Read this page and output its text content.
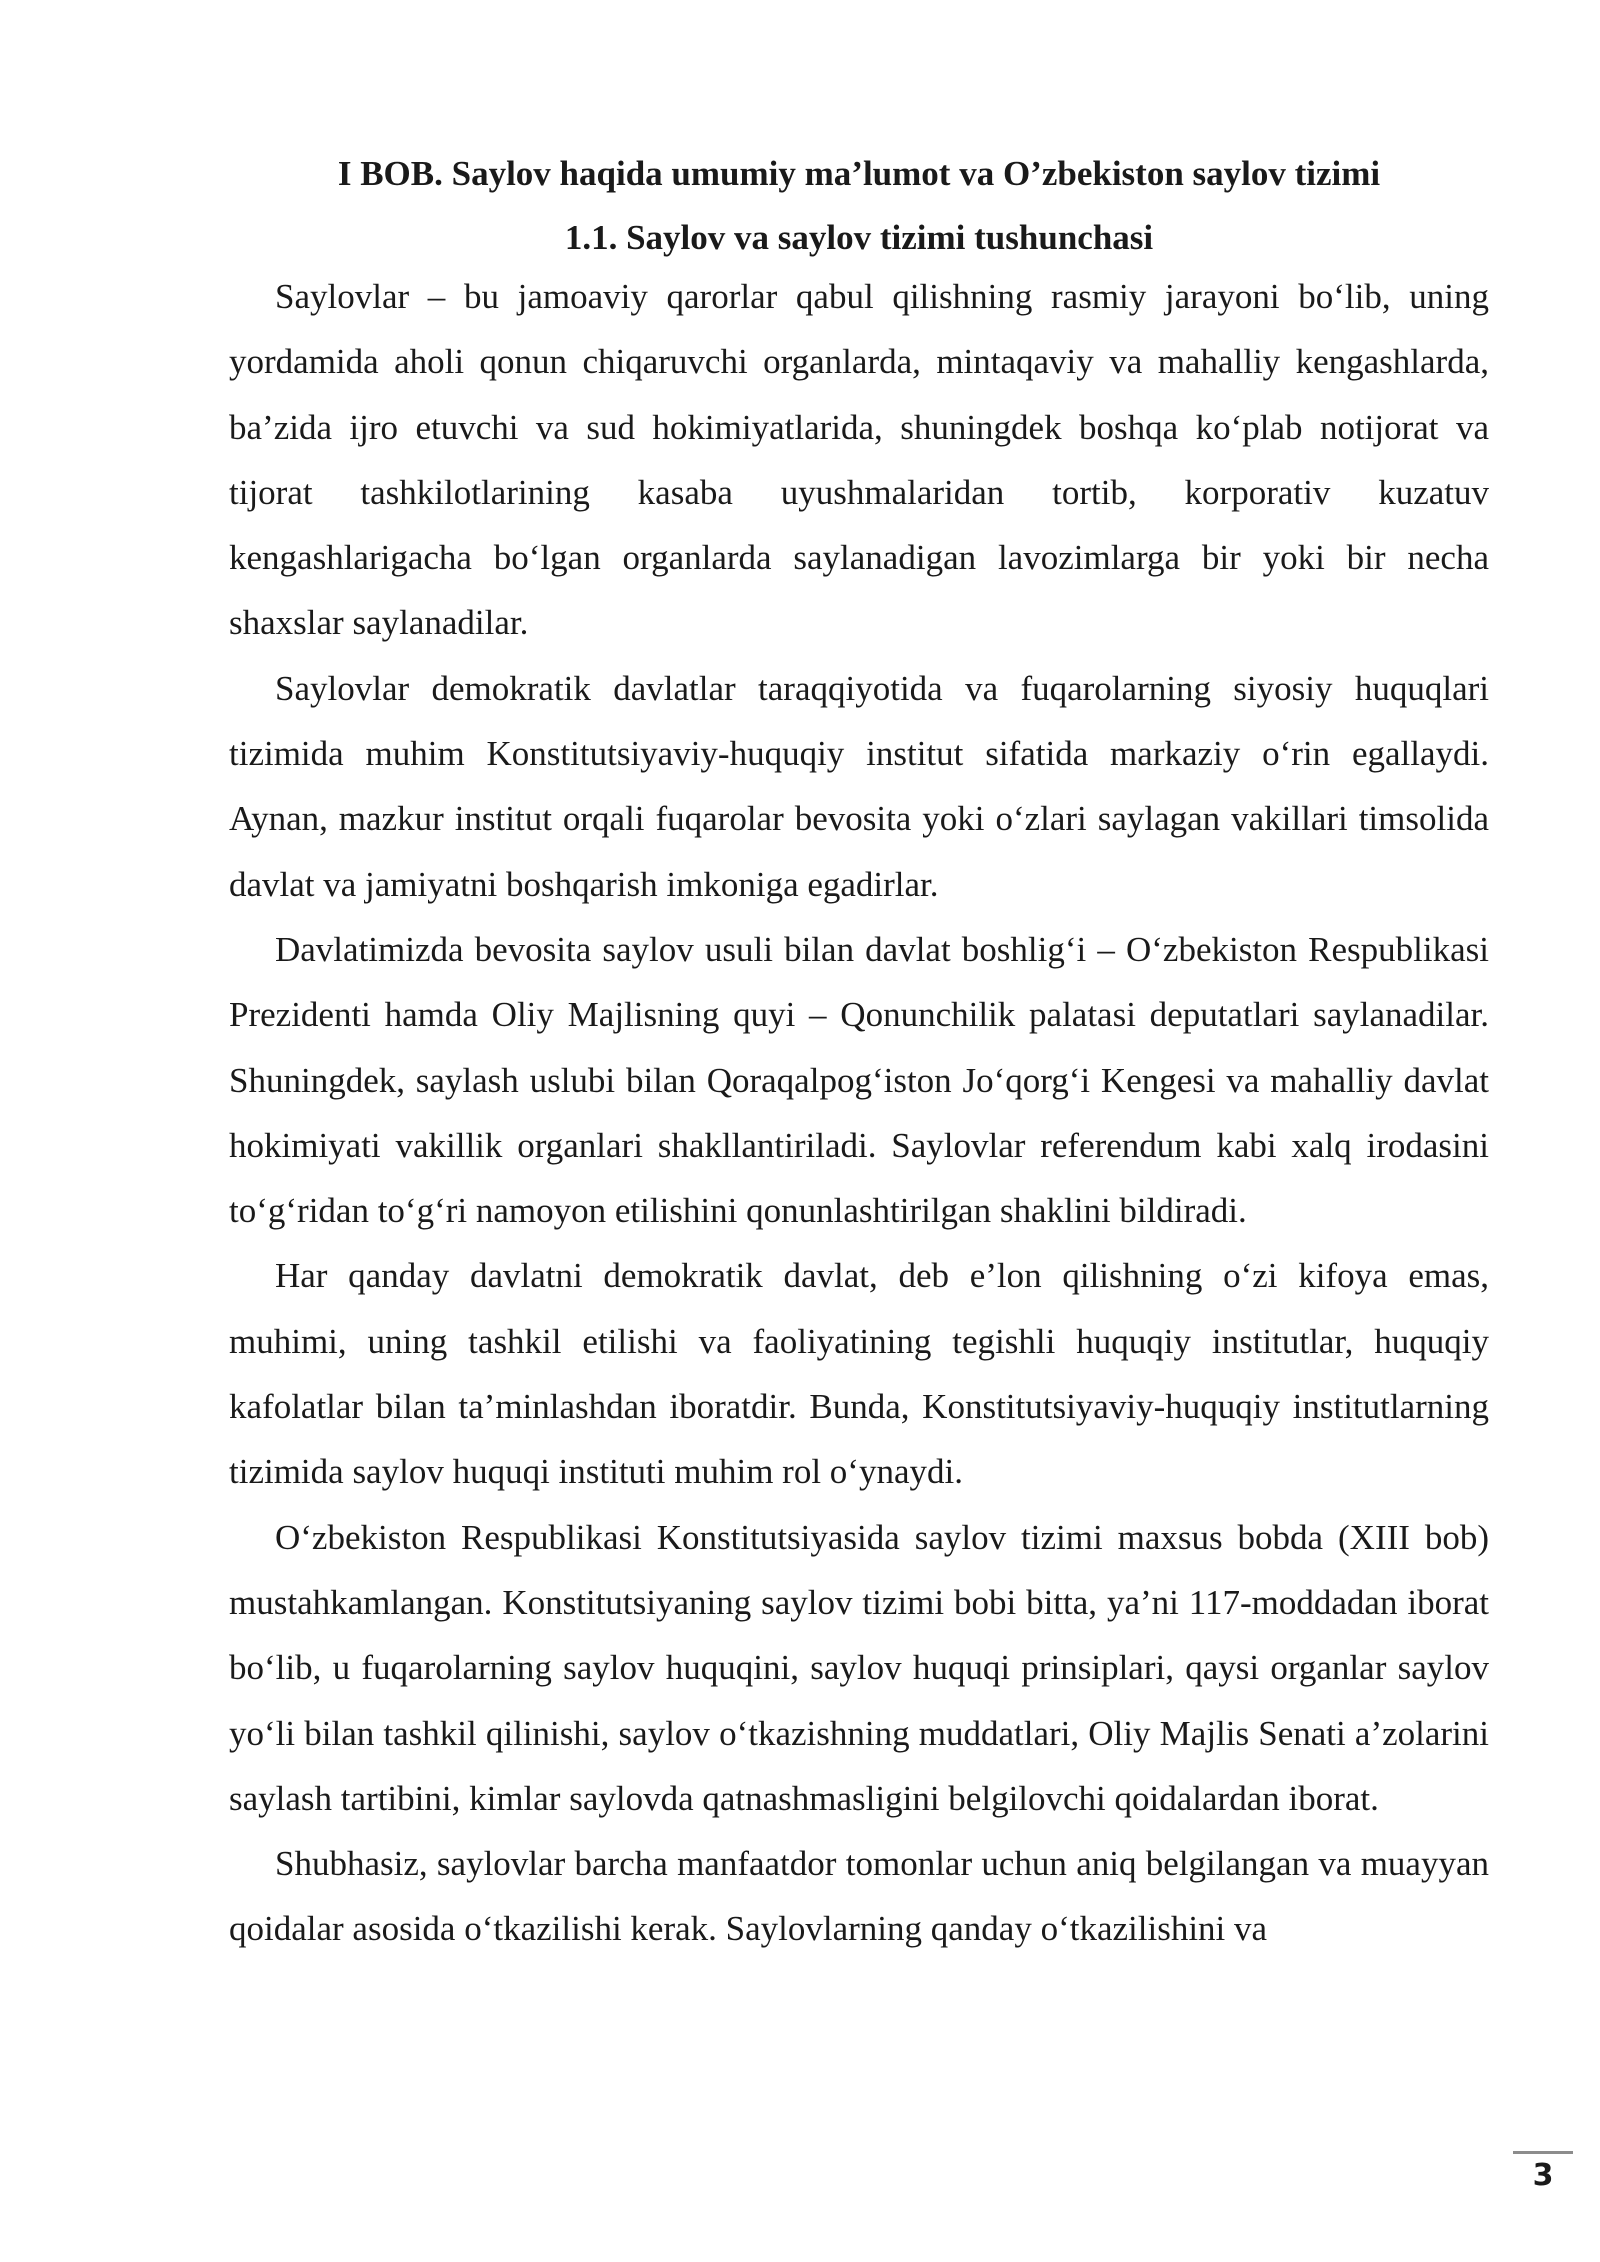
I BOB. Saylov haqida umumiy ma’lumot va O’zbekiston saylov tizimi
1.1. Saylov va saylov tizimi tushunchasi

Saylovlar – bu jamoaviy qarorlar qabul qilishning rasmiy jarayoni bo‘lib, uning yordamida aholi qonun chiqaruvchi organlarda, mintaqaviy va mahalliy kengashlarda, ba’zida ijro etuvchi va sud hokimiyatlarida, shuningdek boshqa ko‘plab notijorat va tijorat tashkilotlarining kasaba uyushmalaridan tortib, korporativ kuzatuv kengashlarigacha bo‘lgan organlarda saylanadigan lavozimlarga bir yoki bir necha shaxslar saylanadilar.

Saylovlar demokratik davlatlar taraqqiyotida va fuqarolarning siyosiy huquqlari tizimida muhim Konstitutsiyaviy-huquqiy institut sifatida markaziy o‘rin egallaydi. Aynan, mazkur institut orqali fuqarolar bevosita yoki o‘zlari saylagan vakillari timsolida davlat va jamiyatni boshqarish imkoniga egadirlar.

Davlatimizda bevosita saylov usuli bilan davlat boshlig‘i – O‘zbekiston Respublikasi Prezidenti hamda Oliy Majlisning quyi – Qonunchilik palatasi deputatlari saylanadilar. Shuningdek, saylash uslubi bilan Qoraqalpog‘iston Jo‘qorg‘i Kengesi va mahalliy davlat hokimiyati vakillik organlari shakllantiriladi. Saylovlar referendum kabi xalq irodasini to‘g‘ridan to‘g‘ri namoyon etilishini qonunlashtirilgan shaklini bildiradi.

Har qanday davlatni demokratik davlat, deb e’lon qilishning o‘zi kifoya emas, muhimi, uning tashkil etilishi va faoliyatining tegishli huquqiy institutlar, huquqiy kafolatlar bilan ta’minlashdan iboratdir. Bunda, Konstitutsiyaviy-huquqiy institutlarning tizimida saylov huquqi instituti muhim rol o‘ynaydi.

O‘zbekiston Respublikasi Konstitutsiyasida saylov tizimi maxsus bobda (XIII bob) mustahkamlangan. Konstitutsiyaning saylov tizimi bobi bitta, ya’ni 117-moddadan iborat bo‘lib, u fuqarolarning saylov huquqini, saylov huquqi prinsiplari, qaysi organlar saylov yo‘li bilan tashkil qilinishi, saylov o‘tkazishning muddatlari, Oliy Majlis Senati a’zolarini saylash tartibini, kimlar saylovda qatnashmasligini belgilovchi qoidalardan iborat.

Shubhasiz, saylovlar barcha manfaatdor tomonlar uchun aniq belgilangan va muayyan qoidalar asosida o‘tkazilishi kerak. Saylovlarning qanday o‘tkazilishini va

3
